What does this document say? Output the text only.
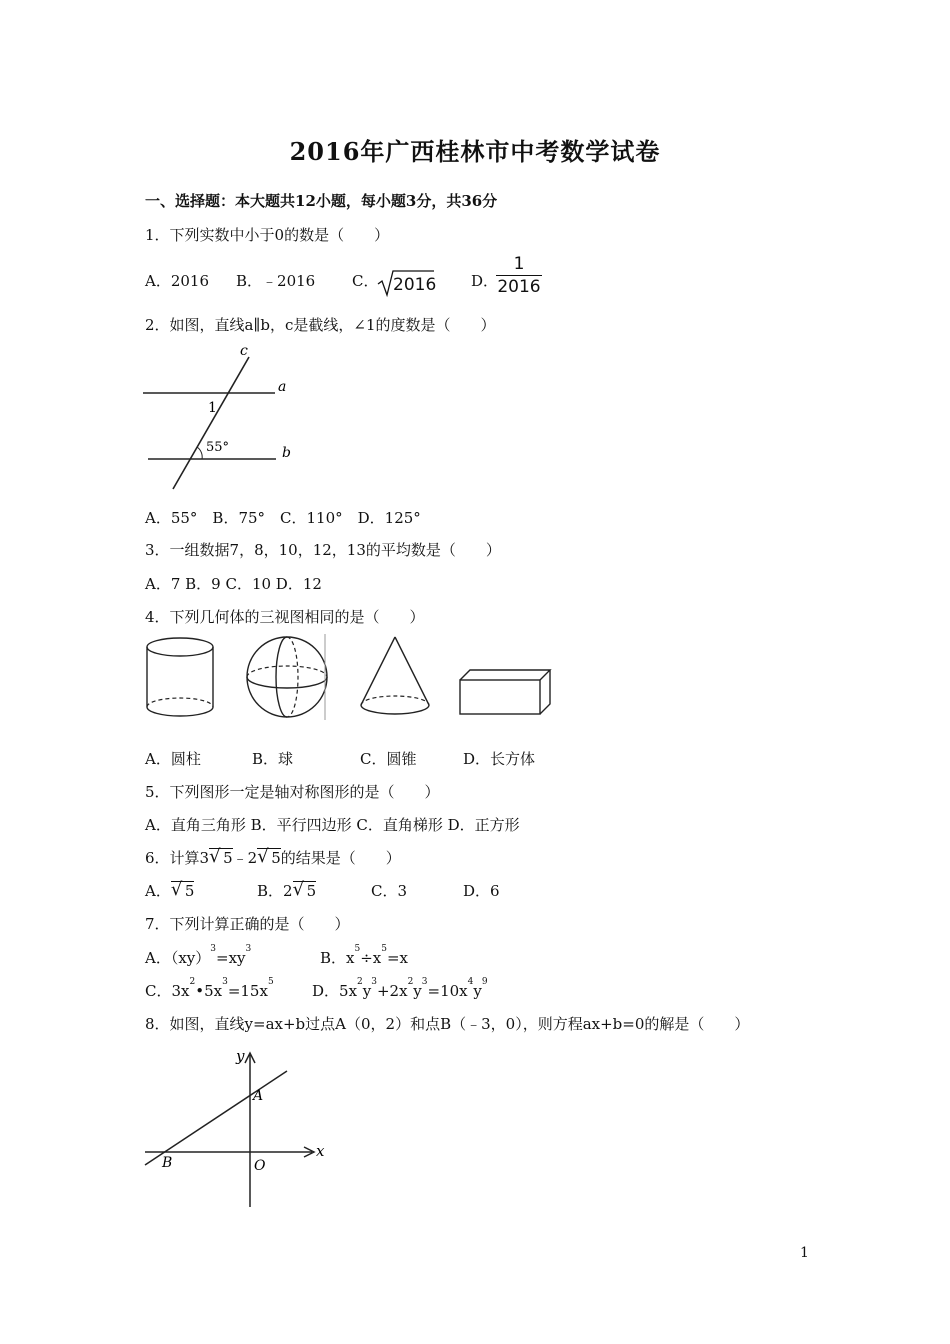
2016年广西桂林市中考数学试卷
一、选择题：本大题共12小题，每小题3分，共36分
1．下列实数中小于0的数是（　　）
A．2016 B．﹣2016 C． 2016 D．
1
2016
2．如图，直线a∥b，c是截线，∠1的度数是（　　）
c
a
b
1
55°
A．55°　B．75°　C．110°　D．125°
3．一组数据7，8，10，12，13的平均数是（　　）
A．7 B．9 C．10 D．12
4．下列几何体的三视图相同的是（　　）
A．圆柱	B．球	C．圆锥	D．长方体
5．下列图形一定是轴对称图形的是（　　）
A．直角三角形 B．平行四边形 C．直角梯形 D．正方形
6．计算3 √ 5﹣2 √ 5的结果是（　　）
A． √ 5	B．2 √ 5	C．3	D．6
7．下列计算正确的是（　　）
A．$(xy)^3=xy^3$	B．$x^5\div x^5=x$
C．$3x^2•5x^3=15x^5$	D．$5x^2y^3+2x^2y^3=10x^4y^9$
8．如图，直线y=ax+b过点A（0，2）和点B（﹣3，0），则方程ax+b=0的解是（　　）
y
x
A
B	O
1
